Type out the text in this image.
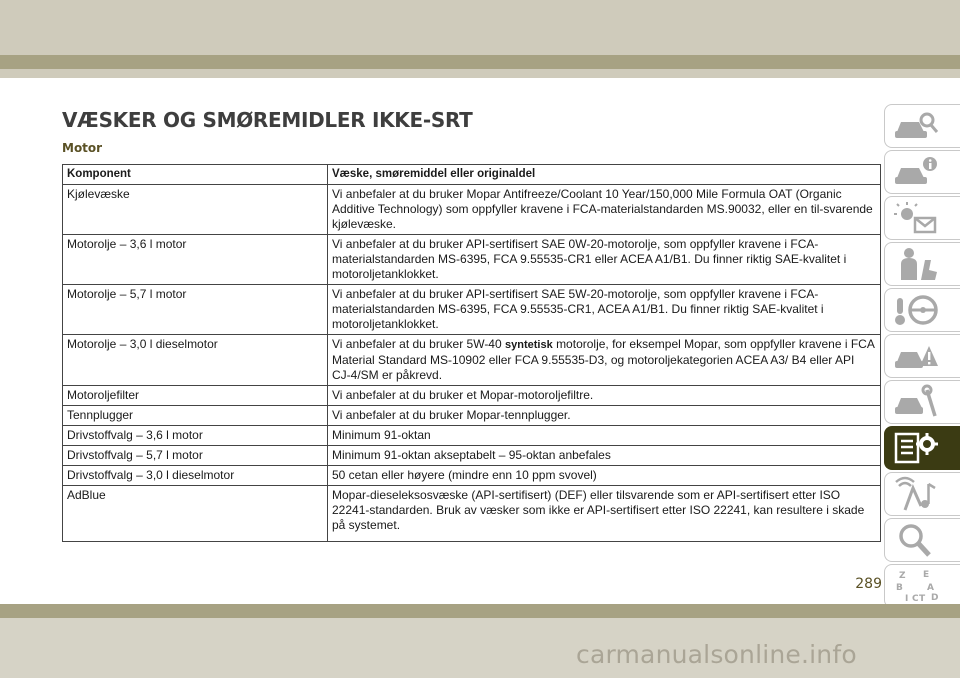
VÆSKER OG SMØREMIDLER IKKE-SRT
Motor
Komponent	Væske, smøremiddel eller originaldel
Kjølevæske	Vi anbefaler at du bruker Mopar Antifreeze/Coolant 10 Year/150,000 Mile Formula OAT (Organic Additive Technology) som oppfyller kravene i FCA-materialstandarden MS.90032, eller en til-svarende kjølevæske.
Motorolje – 3,6 l motor	Vi anbefaler at du bruker API-sertifisert SAE 0W-20-motorolje, som oppfyller kravene i FCA-materialstandarden MS-6395, FCA 9.55535-CR1 eller ACEA A1/B1. Du finner riktig SAE-kvalitet i motoroljetanklokket.
Motorolje – 5,7 l motor	Vi anbefaler at du bruker API-sertifisert SAE 5W-20-motorolje, som oppfyller kravene i FCA-materialstandarden MS-6395, FCA 9.55535-CR1, ACEA A1/B1. Du finner riktig SAE-kvalitet i motoroljetanklokket.
Motorolje – 3,0 l dieselmotor	Vi anbefaler at du bruker 5W-40 syntetisk motorolje, for eksempel Mopar, som oppfyller kravene i FCA Material Standard MS-10902 eller FCA 9.55535-D3, og motoroljekategorien ACEA A3/ B4 eller API CJ-4/SM er påkrevd.
Motoroljefilter	Vi anbefaler at du bruker et Mopar-motoroljefiltre.
Tennplugger	Vi anbefaler at du bruker Mopar-tennplugger.
Drivstoffvalg – 3,6 l motor	Minimum 91-oktan
Drivstoffvalg – 5,7 l motor	Minimum 91-oktan akseptabelt – 95-oktan anbefales
Drivstoffvalg – 3,0 l dieselmotor	50 cetan eller høyere (mindre enn 10 ppm svovel)
AdBlue	Mopar-dieseleksosvæske (API-sertifisert) (DEF) eller tilsvarende som er API-sertifisert etter ISO 22241-standarden. Bruk av væsker som ikke er API-sertifisert etter ISO 22241, kan resultere i skade på systemet.
Z E
B	A
I C T D
289
carmanualsonline.info
